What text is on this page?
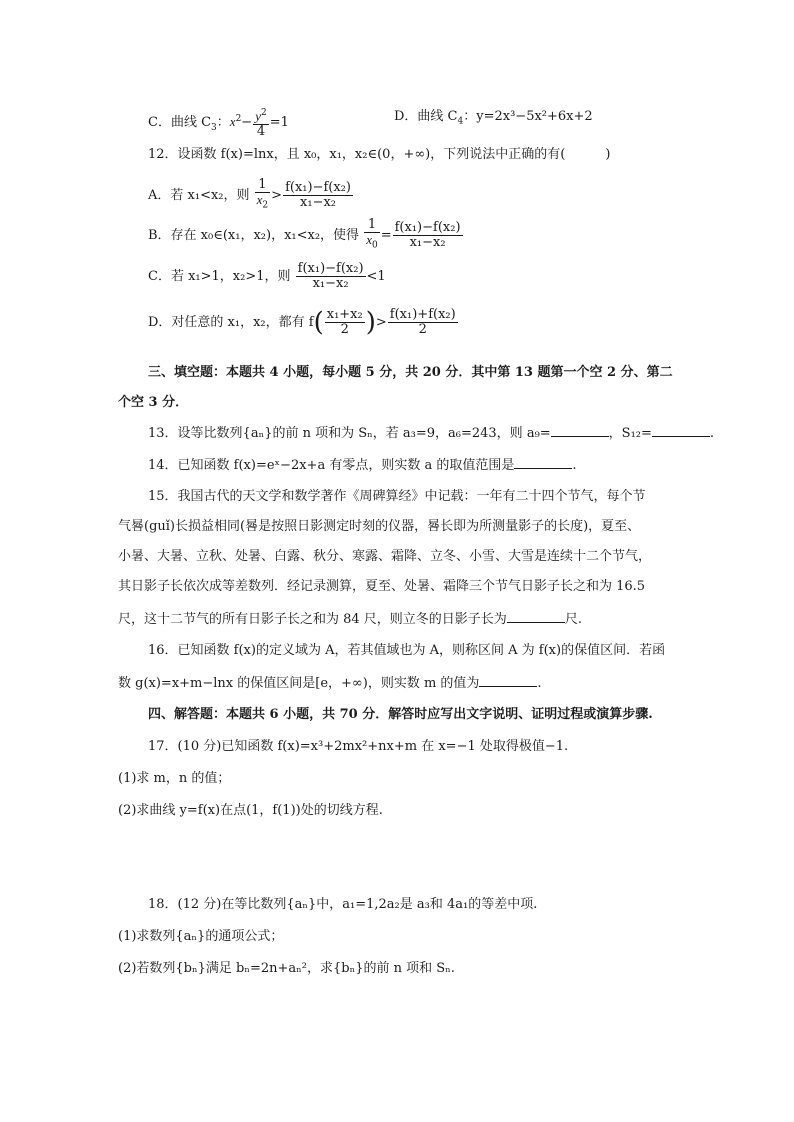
C．曲线 $C_3$：$x^2- \frac{y^2}{4} =1$	D．曲线 $C_4$：y=2x³−5x²+6x+2
12．设函数 f(x)=lnx，且 x₀，x₁，x₂∈(0，+∞)，下列说法中正确的有(	)
A．若 x₁<x₂，则 $\frac{1}{x_2} > \frac{\text{f(x₁)−f(x₂)}}{\text{x₁−x₂}}$
B．存在 x₀∈(x₁，x₂)，x₁<x₂，使得 $\frac{1}{x_0} = \frac{\text{f(x₁)−f(x₂)}}{\text{x₁−x₂}}$
C．若 x₁>1，x₂>1，则 $\frac{\text{f(x₁)−f(x₂)}}{\text{x₁−x₂}} <1$
D．对任意的 x₁，x₂，都有 $f( \frac{\text{x₁+x₂}}{2}$ )> $\frac{\text{f(x₁)+f(x₂)}}{2}$
三、填空题：本题共 4 小题，每小题 5 分，共 20 分．其中第 13 题第一个空 2 分、第二
个空 3 分．
13．设等比数列{aₙ}的前 n 项和为 Sₙ，若 a₃=9，a₆=243，则 a₉=	，S₁₂=	.
14．已知函数 f(x)=eˣ−2x+a 有零点，则实数 a 的取值范围是	.
15．我国古代的天文学和数学著作《周碑算经》中记载：一年有二十四个节气，每个节
气晷(guǐ)长损益相同(晷是按照日影测定时刻的仪器，晷长即为所测量影子的长度)，夏至、
小暑、大暑、立秋、处暑、白露、秋分、寒露、霜降、立冬、小雪、大雪是连续十二个节气，
其日影子长依次成等差数列．经记录测算，夏至、处暑、霜降三个节气日影子长之和为 16.5
尺，这十二节气的所有日影子长之和为 84 尺，则立冬的日影子长为	尺.
16．已知函数 f(x)的定义域为 A，若其值域也为 A，则称区间 A 为 f(x)的保值区间．若函
数 g(x)=x+m−lnx 的保值区间是[e，+∞)，则实数 m 的值为	.
四、解答题：本题共 6 小题，共 70 分．解答时应写出文字说明、证明过程或演算步骤.
17．(10 分)已知函数 f(x)=x³+2mx²+nx+m 在 x=−1 处取得极值−1.
(1)求 m，n 的值；
(2)求曲线 y=f(x)在点(1，f(1))处的切线方程.
18．(12 分)在等比数列{aₙ}中，a₁=1,2a₂是 a₃和 4a₁的等差中项.
(1)求数列{aₙ}的通项公式；
(2)若数列{bₙ}满足 bₙ=2n+aₙ²，求{bₙ}的前 n 项和 Sₙ.
